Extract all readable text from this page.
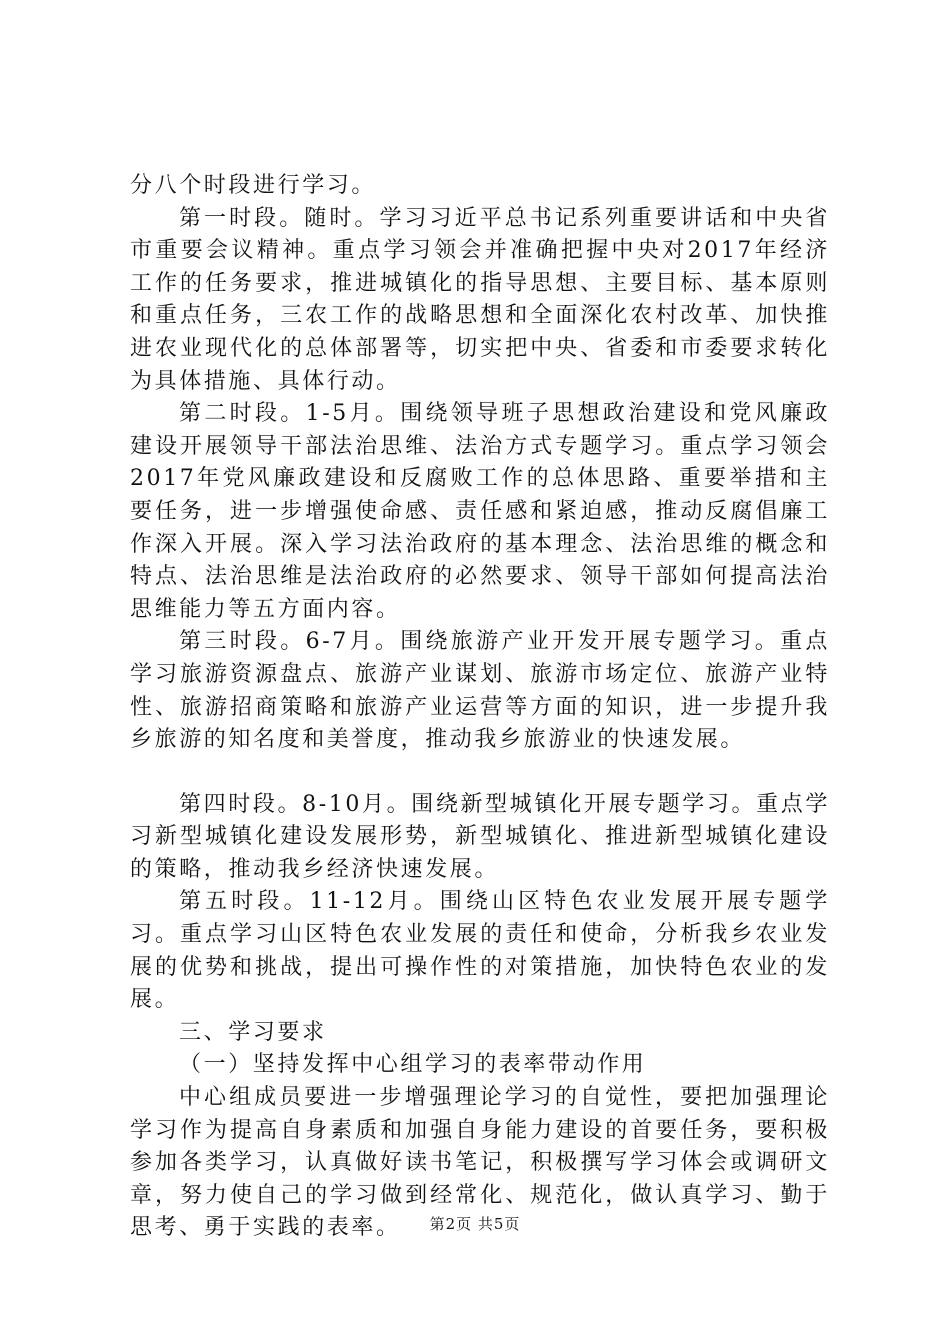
分八个时段进行学习。

第一时段。随时。学习习近平总书记系列重要讲话和中央省市重要会议精神。重点学习领会并准确把握中央对2017年经济工作的任务要求，推进城镇化的指导思想、主要目标、基本原则和重点任务，三农工作的战略思想和全面深化农村改革、加快推进农业现代化的总体部署等，切实把中央、省委和市委要求转化为具体措施、具体行动。

第二时段。1-5月。围绕领导班子思想政治建设和党风廉政建设开展领导干部法治思维、法治方式专题学习。重点学习领会2017年党风廉政建设和反腐败工作的总体思路、重要举措和主要任务，进一步增强使命感、责任感和紧迫感，推动反腐倡廉工作深入开展。深入学习法治政府的基本理念、法治思维的概念和特点、法治思维是法治政府的必然要求、领导干部如何提高法治思维能力等五方面内容。

第三时段。6-7月。围绕旅游产业开发开展专题学习。重点学习旅游资源盘点、旅游产业谋划、旅游市场定位、旅游产业特性、旅游招商策略和旅游产业运营等方面的知识，进一步提升我乡旅游的知名度和美誉度，推动我乡旅游业的快速发展。

第四时段。8-10月。围绕新型城镇化开展专题学习。重点学习新型城镇化建设发展形势，新型城镇化、推进新型城镇化建设的策略，推动我乡经济快速发展。

第五时段。11-12月。围绕山区特色农业发展开展专题学习。重点学习山区特色农业发展的责任和使命，分析我乡农业发展的优势和挑战，提出可操作性的对策措施，加快特色农业的发展。

三、学习要求

（一）坚持发挥中心组学习的表率带动作用

中心组成员要进一步增强理论学习的自觉性，要把加强理论学习作为提高自身素质和加强自身能力建设的首要任务，要积极参加各类学习，认真做好读书笔记，积极撰写学习体会或调研文章，努力使自己的学习做到经常化、规范化，做认真学习、勤于思考、勇于实践的表率。	第2页 共5页
